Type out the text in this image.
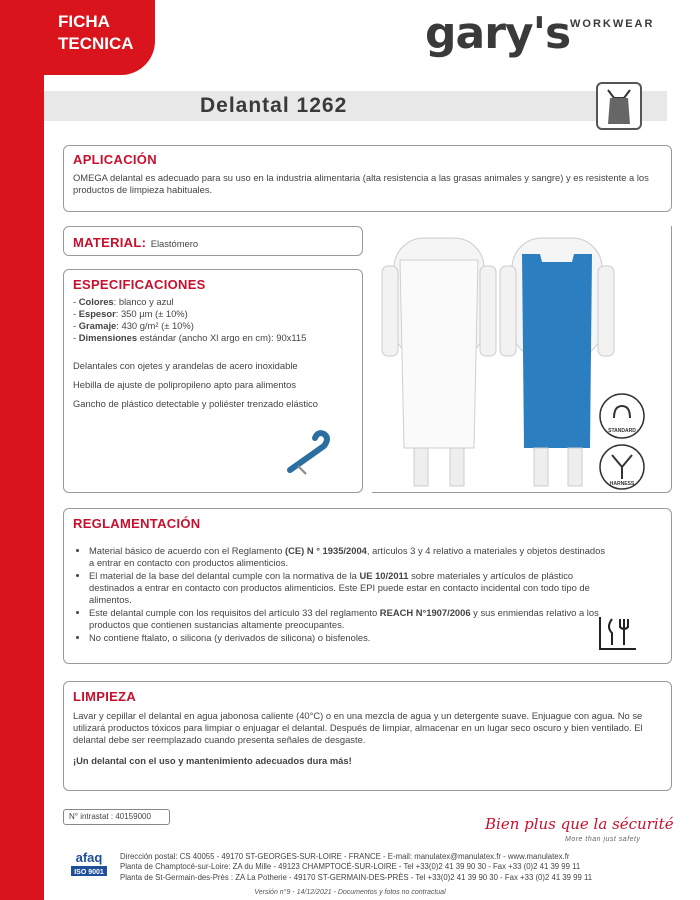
FICHA
TECNICA	gary's WORKWEAR
Delantal 1262
APLICACIÓN
OMEGA delantal es adecuado para su uso en la industria alimentaria (alta resistencia a las grasas animales y sangre) y es resistente a los productos de limpieza habituales.
MATERIAL: Elastómero
ESPECIFICACIONES
- Colores: blanco y azul
- Espesor: 350 µm (± 10%)
- Gramaje: 430 g/m² (± 10%)
- Dimensiones estándar (ancho Xl argo en cm): 90x115
Delantales con ojetes y arandelas de acero inoxidable
Hebilla de ajuste de polipropileno apto para alimentos
Gancho de plástico detectable y poliéster trenzado elástico
STANDARD
HARNESS
REGLAMENTACIÓN
• Material básico de acuerdo con el Reglamento (CE) N ° 1935/2004, artículos 3 y 4 relativo a materiales y objetos destinados a entrar en contacto con productos alimenticios.
• El material de la base del delantal cumple con la normativa de la UE 10/2011 sobre materiales y artículos de plástico destinados a entrar en contacto con productos alimenticios. Este EPI puede estar en contacto incidental con todo tipo de alimentos.
• Este delantal cumple con los requisitos del artículo 33 del reglamento REACH N°1907/2006 y sus enmiendas relativo a los productos que contienen sustancias altamente preocupantes.
• No contiene ftalato, o silicona (y derivados de silicona) o bisfenoles.
LIMPIEZA
Lavar y cepillar el delantal en agua jabonosa caliente (40°C) o en una mezcla de agua y un detergente suave. Enjuague con agua. No se utilizará productos tóxicos para limpiar o enjuagar el delantal. Después de limpiar, almacenar en un lugar seco oscuro y bien ventilado. El delantal debe ser reemplazado cuando presenta señales de desgaste.
¡Un delantal con el uso y mantenimiento adecuados dura más!
N° intrastat : 40159000	Bien plus que la sécurité
More than just safety
afaq
ISO 9001
Dirección postal: CS 40055 - 49170 ST-GEORGES-SUR-LOIRE - FRANCE - E-mail: manulatex@manulatex.fr - www.manulatex.fr
Planta de Champtocé-sur-Loire: ZA du Mille - 49123 CHAMPTOCÉ-SUR-LOIRE - Tel +33(0)2 41 39 90 30 - Fax +33 (0)2 41 39 99 11
Planta de St-Germain-des-Près : ZA La Potherie - 49170 ST-GERMAIN-DES-PRÈS - Tel +33(0)2 41 39 90 30 - Fax +33 (0)2 41 39 99 11
Versión n°9 - 14/12/2021 - Documentos y fotos no contractual
